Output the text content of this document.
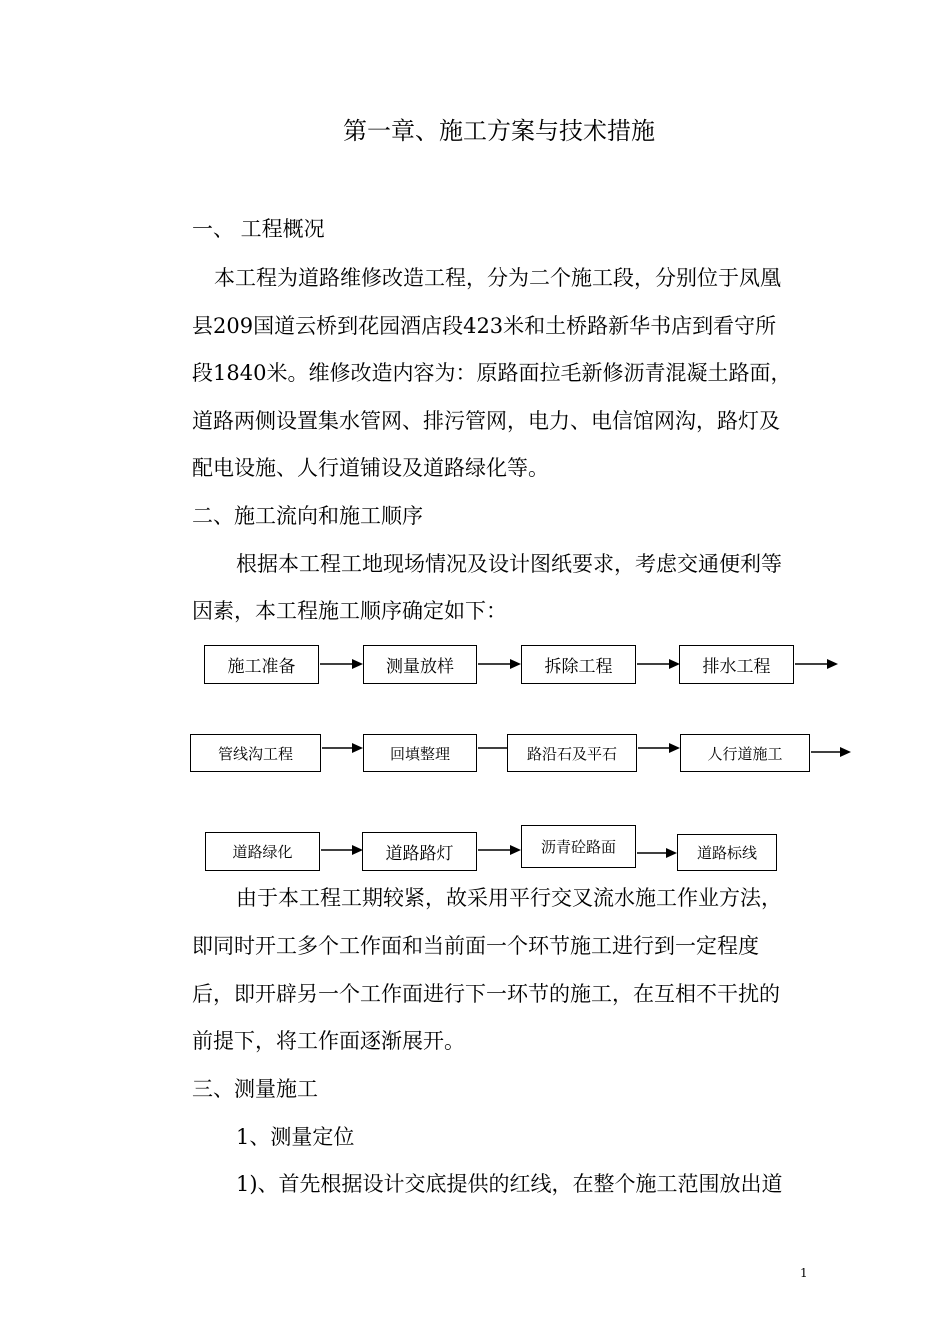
第一章、施工方案与技术措施
一、 工程概况
本工程为道路维修改造工程，分为二个施工段，分别位于凤凰
县209国道云桥到花园酒店段423米和土桥路新华书店到看守所
段1840米。维修改造内容为：原路面拉毛新修沥青混凝土路面，
道路两侧设置集水管网、排污管网，电力、电信馆网沟，路灯及
配电设施、人行道铺设及道路绿化等。
二、施工流向和施工顺序
根据本工程工地现场情况及设计图纸要求，考虑交通便利等
因素，本工程施工顺序确定如下：
施工准备	测量放样	拆除工程	排水工程
管线沟工程	回填整理	路沿石及平石	人行道施工
道路绿化	道路路灯	沥青砼路面	道路标线
由于本工程工期较紧，故采用平行交叉流水施工作业方法，
即同时开工多个工作面和当前面一个环节施工进行到一定程度
后，即开辟另一个工作面进行下一环节的施工，在互相不干扰的
前提下，将工作面逐渐展开。
三、测量施工
1、测量定位
1)、首先根据设计交底提供的红线，在整个施工范围放出道
1
